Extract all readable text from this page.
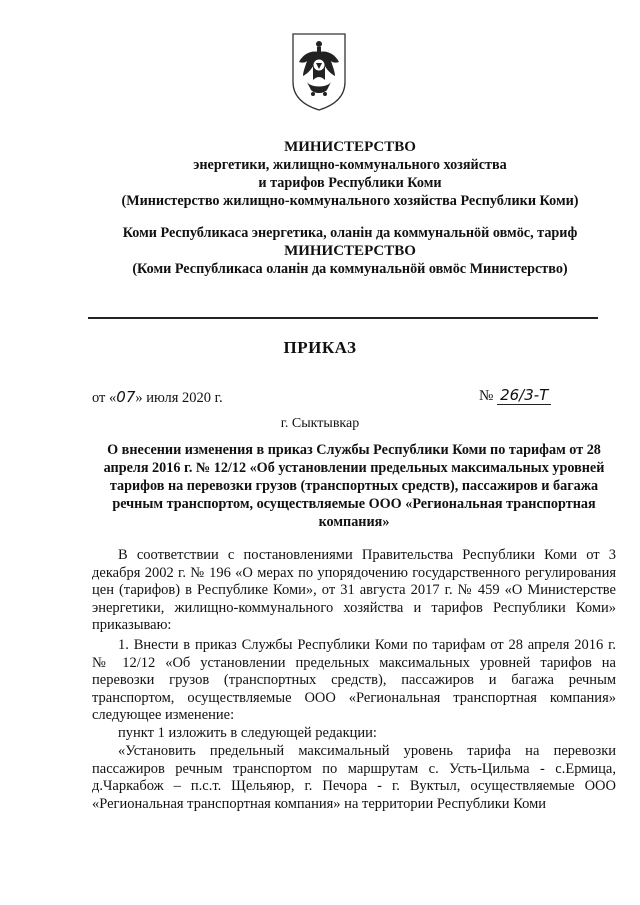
МИНИСТЕРСТВО
энергетики, жилищно-коммунального хозяйства
и тарифов Республики Коми
(Министерство жилищно-коммунального хозяйства Республики Коми)
Коми Республикаса энергетика, оланiн да коммунальнöй овмöс, тариф
МИНИСТЕРСТВО
(Коми Республикаса оланiн да коммунальнöй овмöс Министерство)
ПРИКАЗ
от «07» июля 2020 г.	№ 26/3-Т
г. Сыктывкар
О внесении изменения в приказ Службы Республики Коми по тарифам от 28 апреля 2016 г. № 12/12 «Об установлении предельных максимальных уровней тарифов на перевозки грузов (транспортных средств), пассажиров и багажа речным транспортом, осуществляемые ООО «Региональная транспортная компания»
В соответствии с постановлениями Правительства Республики Коми от 3 декабря 2002 г. № 196 «О мерах по упорядочению государственного регулирования цен (тарифов) в Республике Коми», от 31 августа 2017 г. № 459 «О Министерстве энергетики, жилищно-коммунального хозяйства и тарифов Республики Коми» приказываю:
1. Внести в приказ Службы Республики Коми по тарифам от 28 апреля 2016 г. № 12/12 «Об установлении предельных максимальных уровней тарифов на перевозки грузов (транспортных средств), пассажиров и багажа речным транспортом, осуществляемые ООО «Региональная транспортная компания» следующее изменение:
пункт 1 изложить в следующей редакции:
«Установить предельный максимальный уровень тарифа на перевозки пассажиров речным транспортом по маршрутам с. Усть-Цильма - с.Ермица, д.Чаркабож – п.с.т. Щельяюр, г. Печора - г. Вуктыл, осуществляемые ООО «Региональная транспортная компания» на территории Республики Коми
